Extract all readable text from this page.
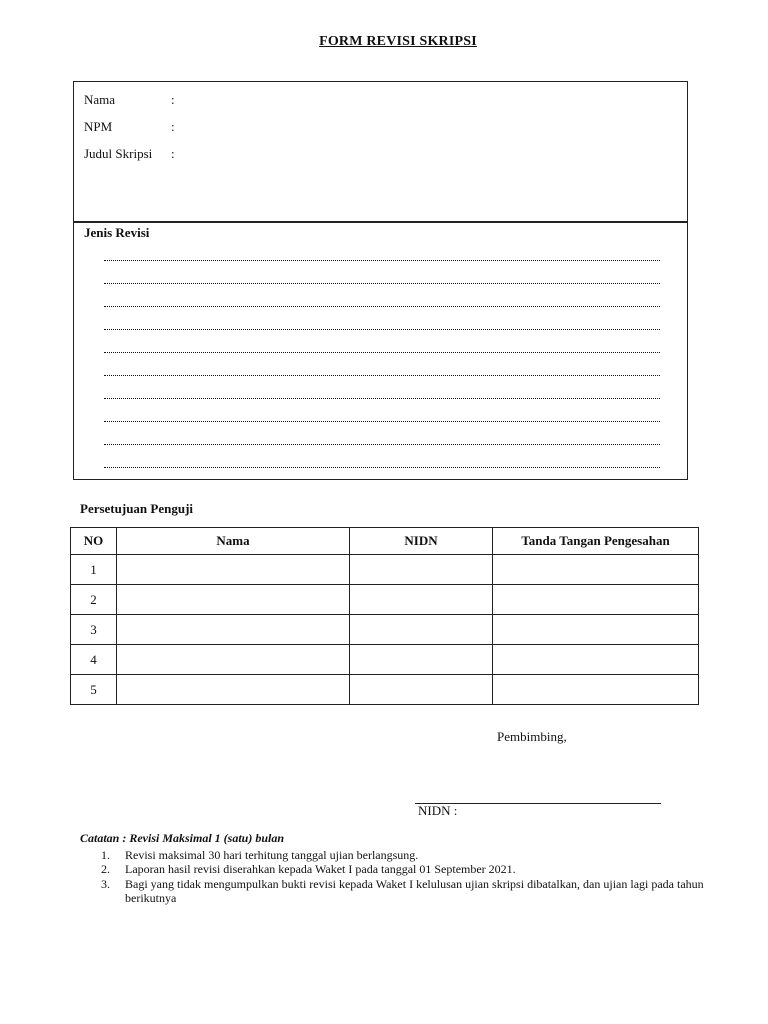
FORM REVISI SKRIPSI
Nama	:
NPM	:
Judul Skripsi :
Jenis Revisi
Persetujuan Penguji
NO	Nama	NIDN	Tanda Tangan Pengesahan
1			
2			
3			
4			
5			
Pembimbing,
NIDN :
Catatan : Revisi Maksimal 1 (satu) bulan
1. Revisi maksimal 30 hari terhitung tanggal ujian berlangsung.
2. Laporan hasil revisi diserahkan kepada Waket I pada tanggal 01 September 2021.
3. Bagi yang tidak mengumpulkan bukti revisi kepada Waket I kelulusan ujian skripsi dibatalkan, dan ujian lagi pada tahun berikutnya
